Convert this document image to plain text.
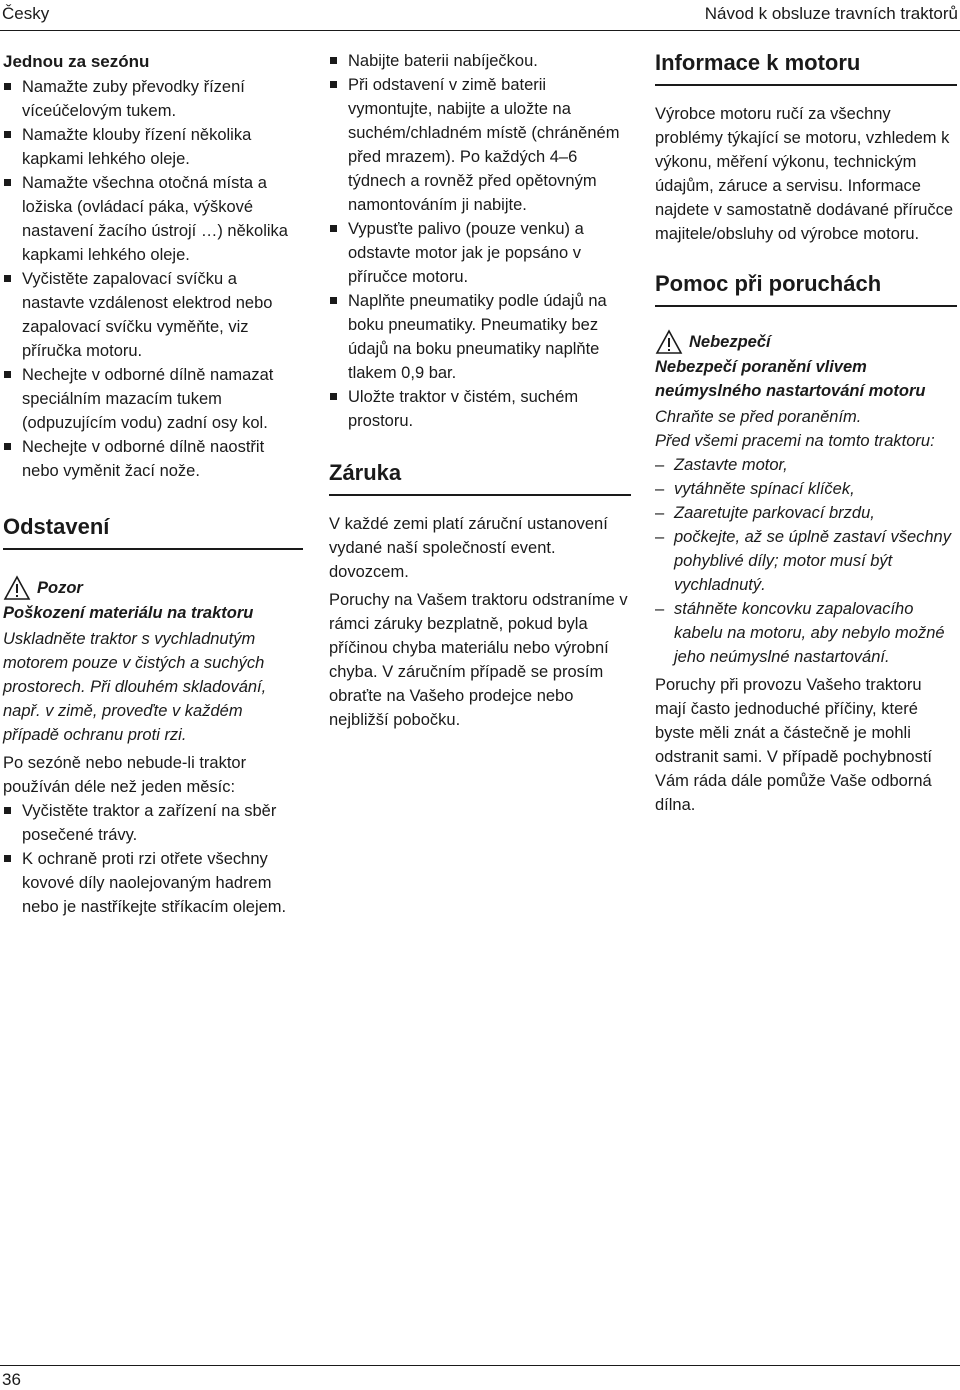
Česky	Návod k obsluze travních traktorů
Jednou za sezónu
Namažte zuby převodky řízení víceúčelovým tukem.
Namažte klouby řízení několika kapkami lehkého oleje.
Namažte všechna otočná místa a ložiska (ovládací páka, výškové nastavení žacího ústrojí …) několika kapkami lehkého oleje.
Vyčistěte zapalovací svíčku a nastavte vzdálenost elektrod nebo zapalovací svíčku vyměňte, viz příručka motoru.
Nechejte v odborné dílně namazat speciálním mazacím tukem (odpuzujícím vodu) zadní osy kol.
Nechejte v odborné dílně naostřit nebo vyměnit žací nože.
Odstavení
Pozor

Poškození materiálu na traktoru

Uskladněte traktor s vychladnutým motorem pouze v čistých a suchých prostorech. Při dlouhém skladování, např. v zimě, proveďte v každém případě ochranu proti rzi.

Po sezóně nebo nebude-li traktor používán déle než jeden měsíc:

Vyčistěte traktor a zařízení na sběr posečené trávy.
K ochraně proti rzi otřete všechny kovové díly naolejovaným hadrem nebo je nastříkejte stříkacím olejem.
Nabijte baterii nabíječkou.
Při odstavení v zimě baterii vymontujte, nabijte a uložte na suchém/chladném místě (chráněném před mrazem). Po každých 4–6 týdnech a rovněž před opětovným namontováním ji nabijte.
Vypusťte palivo (pouze venku) a odstavte motor jak je popsáno v příručce motoru.
Naplňte pneumatiky podle údajů na boku pneumatiky. Pneumatiky bez údajů na boku pneumatiky naplňte tlakem 0,9 bar.
Uložte traktor v čistém, suchém prostoru.
Záruka

V každé zemi platí záruční ustanovení vydané naší společností event. dovozcem.

Poruchy na Vašem traktoru odstraníme v rámci záruky bezplatně, pokud byla příčinou chyba materiálu nebo výrobní chyba. V záručním případě se prosím obraťte na Vašeho prodejce nebo nejbližší pobočku.

Informace k motoru

Výrobce motoru ručí za všechny problémy týkající se motoru, vzhledem k výkonu, měření výkonu, technickým údajům, záruce a servisu. Informace najdete v samostatně dodávané příručce majitele/obsluhy od výrobce motoru.

Pomoc při poruchách
Nebezpečí

Nebezpečí poranění vlivem neúmyslného nastartování motoru

Chraňte se před poraněním.

Před všemi pracemi na tomto traktoru:

– Zastavte motor,
– vytáhněte spínací klíček,
– Zaaretujte parkovací brzdu,
– počkejte, až se úplně zastaví všechny pohyblivé díly; motor musí být vychladnutý.
– stáhněte koncovku zapalovacího kabelu na motoru, aby nebylo možné jeho neúmyslné nastartování.

Poruchy při provozu Vašeho traktoru mají často jednoduché příčiny, které byste měli znát a částečně je mohli odstranit sami. V případě pochybností Vám ráda dále pomůže Vaše odborná dílna.

36
